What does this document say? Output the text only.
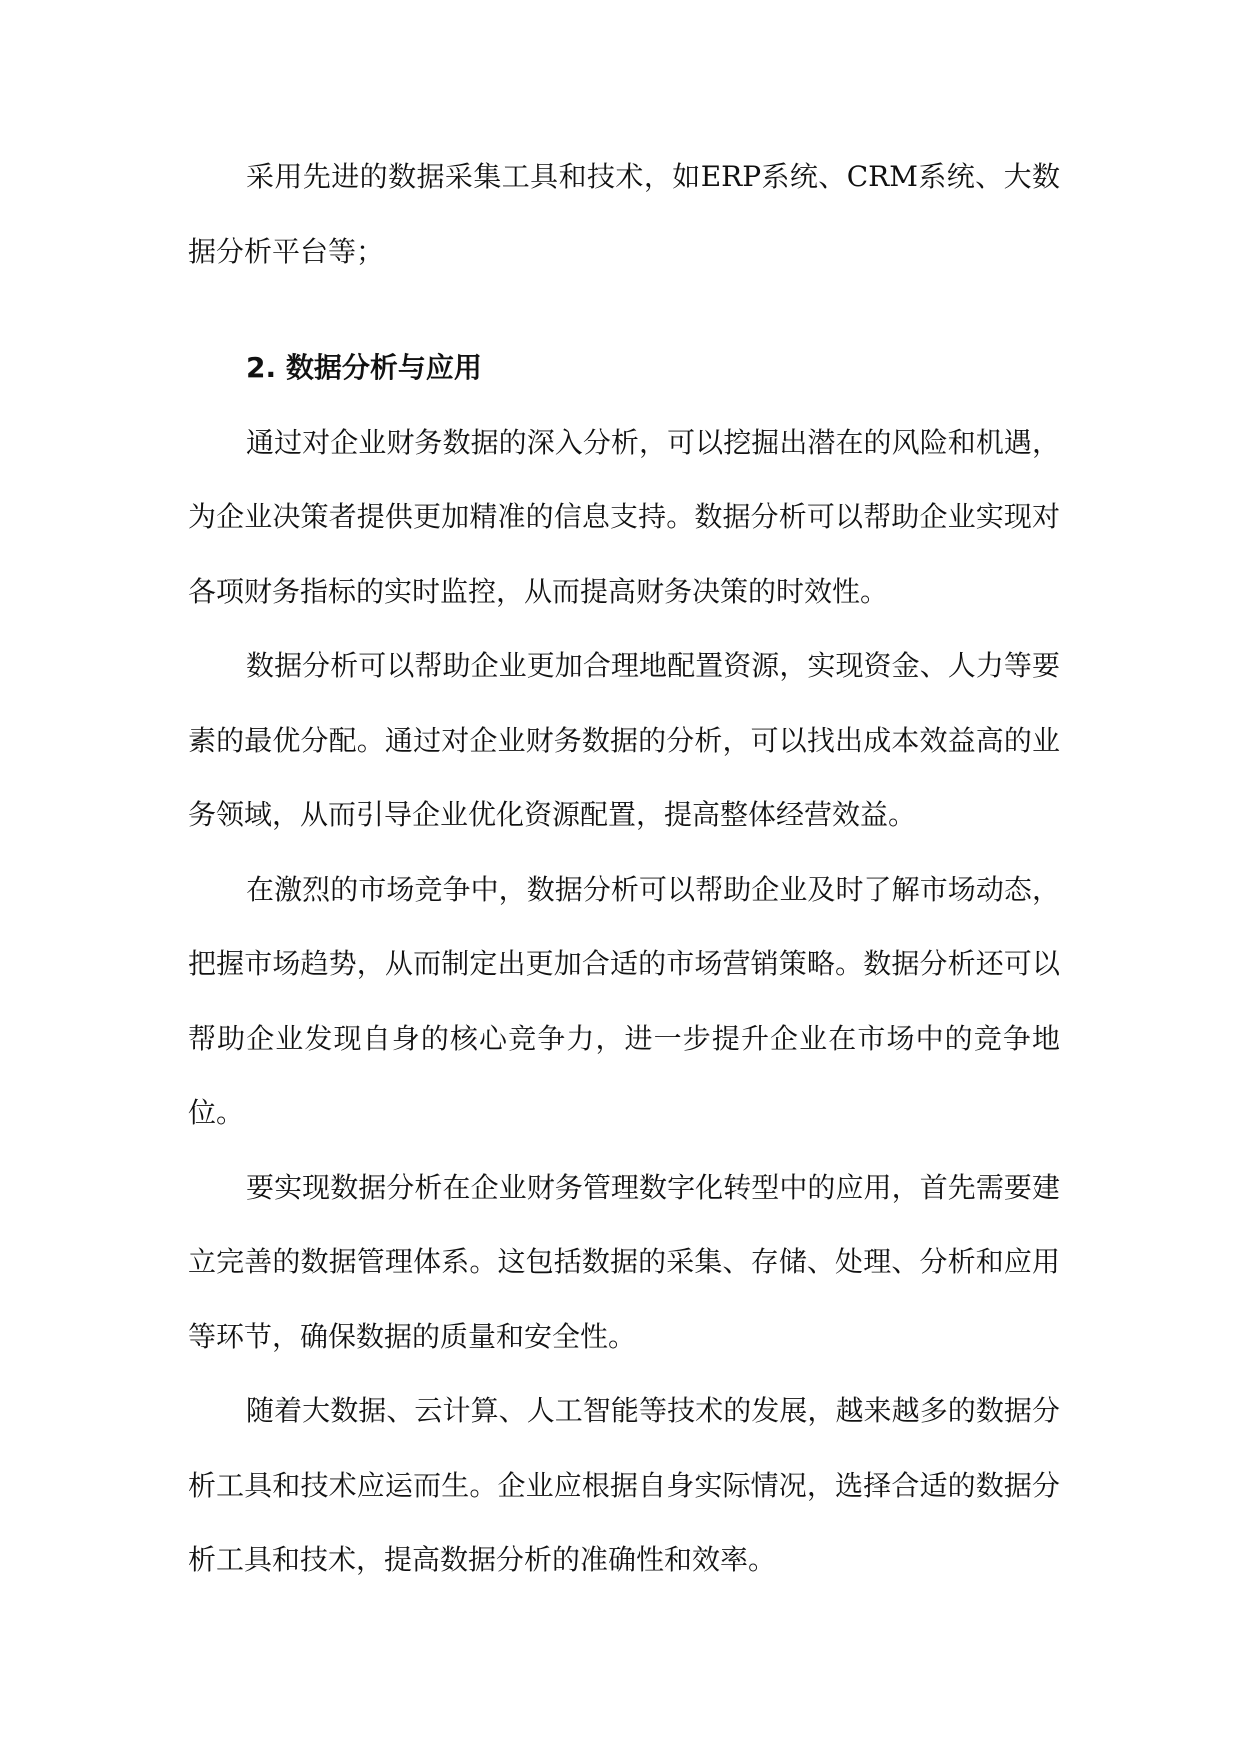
采用先进的数据采集工具和技术，如ERP系统、CRM系统、大数据分析平台等；

2. 数据分析与应用

通过对企业财务数据的深入分析，可以挖掘出潜在的风险和机遇，为企业决策者提供更加精准的信息支持。数据分析可以帮助企业实现对各项财务指标的实时监控，从而提高财务决策的时效性。

数据分析可以帮助企业更加合理地配置资源，实现资金、人力等要素的最优分配。通过对企业财务数据的分析，可以找出成本效益高的业务领域，从而引导企业优化资源配置，提高整体经营效益。

在激烈的市场竞争中，数据分析可以帮助企业及时了解市场动态，把握市场趋势，从而制定出更加合适的市场营销策略。数据分析还可以帮助企业发现自身的核心竞争力，进一步提升企业在市场中的竞争地位。

要实现数据分析在企业财务管理数字化转型中的应用，首先需要建立完善的数据管理体系。这包括数据的采集、存储、处理、分析和应用等环节，确保数据的质量和安全性。

随着大数据、云计算、人工智能等技术的发展，越来越多的数据分析工具和技术应运而生。企业应根据自身实际情况，选择合适的数据分析工具和技术，提高数据分析的准确性和效率。
